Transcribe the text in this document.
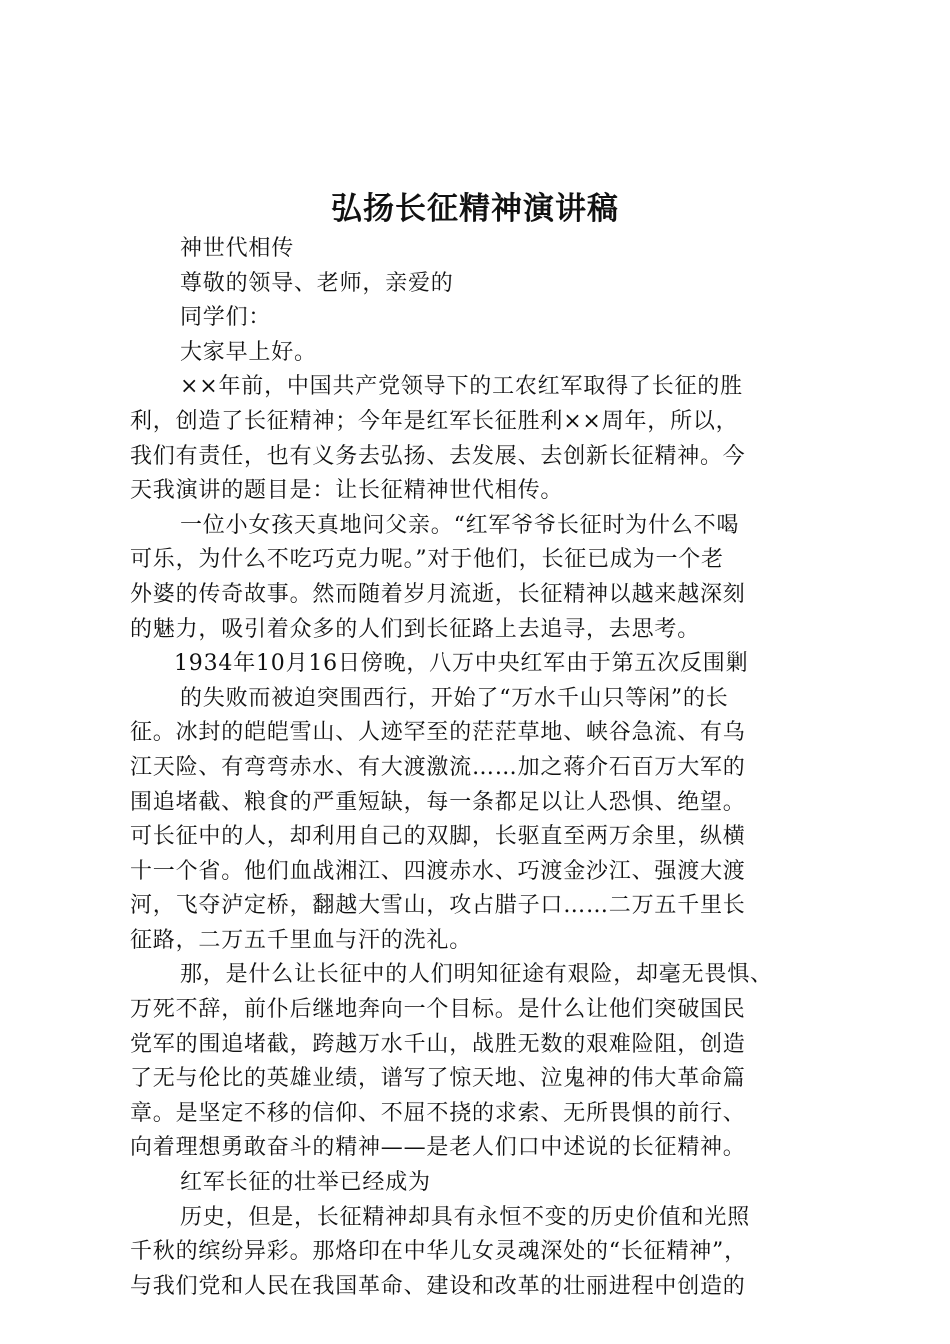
弘扬长征精神演讲稿
神世代相传
尊敬的领导、老师，亲爱的
同学们：
大家早上好。
××年前，中国共产党领导下的工农红军取得了长征的胜
利，创造了长征精神；今年是红军长征胜利××周年，所以，
我们有责任，也有义务去弘扬、去发展、去创新长征精神。今
天我演讲的题目是：让长征精神世代相传。
一位小女孩天真地问父亲。“红军爷爷长征时为什么不喝
可乐，为什么不吃巧克力呢。”对于他们，长征已成为一个老
外婆的传奇故事。然而随着岁月流逝，长征精神以越来越深刻
的魅力，吸引着众多的人们到长征路上去追寻，去思考。
1934年10月16日傍晚，八万中央红军由于第五次反围剿
的失败而被迫突围西行，开始了“万水千山只等闲”的长
征。冰封的皑皑雪山、人迹罕至的茫茫草地、峡谷急流、有乌
江天险、有弯弯赤水、有大渡激流……加之蒋介石百万大军的
围追堵截、粮食的严重短缺，每一条都足以让人恐惧、绝望。
可长征中的人，却利用自己的双脚，长驱直至两万余里，纵横
十一个省。他们血战湘江、四渡赤水、巧渡金沙江、强渡大渡
河，飞夺泸定桥，翻越大雪山，攻占腊子口……二万五千里长
征路，二万五千里血与汗的洗礼。
那，是什么让长征中的人们明知征途有艰险，却毫无畏惧、
万死不辞，前仆后继地奔向一个目标。是什么让他们突破国民
党军的围追堵截，跨越万水千山，战胜无数的艰难险阻，创造
了无与伦比的英雄业绩，谱写了惊天地、泣鬼神的伟大革命篇
章。是坚定不移的信仰、不屈不挠的求索、无所畏惧的前行、
向着理想勇敢奋斗的精神——是老人们口中述说的长征精神。
红军长征的壮举已经成为
历史，但是，长征精神却具有永恒不变的历史价值和光照
千秋的缤纷异彩。那烙印在中华儿女灵魂深处的“长征精神”，
与我们党和人民在我国革命、建设和改革的壮丽进程中创造的
